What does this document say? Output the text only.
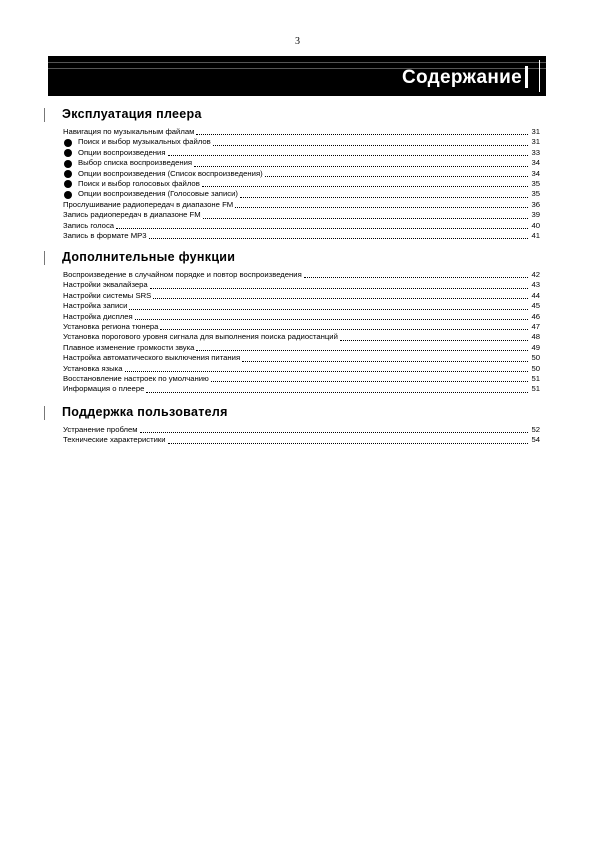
3
Содержание
Эксплуатация плеера
Навигация по музыкальным файлам	31
Поиск и выбор музыкальных файлов	31
Опции воспроизведения	33
Выбор списка воспроизведения	34
Опции воспроизведения (Список воспроизведения)	34
Поиск и выбор голосовых файлов	35
Опции воспроизведения (Голосовые записи)	35
Прослушивание радиопередач в диапазоне FM	36
Запись радиопередач в диапазоне FM	39
Запись голоса	40
Запись в формате MP3	41
Дополнительные функции
Воспроизведение в случайном порядке и повтор воспроизведения	42
Настройки эквалайзера	43
Настройки системы SRS	44
Настройка записи	45
Настройка дисплея	46
Установка региона тюнера	47
Установка порогового уровня сигнала для выполнения поиска радиостанций	48
Плавное изменение громкости звука	49
Настройка автоматического выключения питания	50
Установка языка	50
Восстановление настроек по умолчанию	51
Информация о плеере	51
Поддержка пользователя
Устранение проблем	52
Технические характеристики	54
